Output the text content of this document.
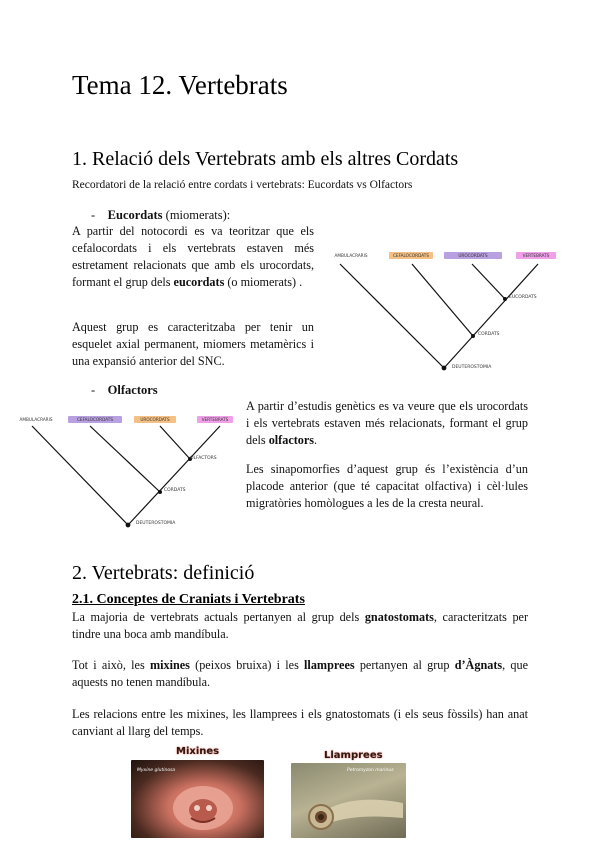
Tema 12. Vertebrats
1. Relació dels Vertebrats amb els altres Cordats

Recordatori de la relació entre cordats i vertebrats: Eucordats vs Olfactors

- Eucordats (miomerats):

A partir del notocordi es va teoritzar que els cefalocordats i els vertebrats estaven més estretament relacionats que amb els urocordats, formant el grup dels eucordats (o miomerats) .

Aquest grup es caracteritzaba per tenir un esquelet axial permanent, miomers metamèrics i una expansió anterior del SNC.

AMBULACRARIS	CEFALOCORDATS	UROCORDATS	VERTEBRATS
EUCORDATS
CORDATS
DEUTEROSTOMIA
- Olfactors
AMBULACRARIS	CEFALOCORDATS	UROCORDATS	VERTEBRATS
OLFACTORS
CORDATS
DEUTEROSTOMIA

A partir d’estudis genètics es va veure que els urocordats i els vertebrats estaven més relacionats, formant el grup dels olfactors.

Les sinapomorfies d’aquest grup és l’existència d’un placode anterior (que té capacitat olfactiva) i cèl·lules migratòries homòlogues a les de la cresta neural.

2. Vertebrats: definició
2.1. Conceptes de Craniats i Vertebrats

La majoria de vertebrats actuals pertanyen al grup dels gnatostomats, caracteritzats per tindre una boca amb mandíbula.

Tot i això, les mixines (peixos bruixa) i les llamprees pertanyen al grup d’Àgnats, que aquests no tenen mandíbula.

Les relacions entre les mixines, les llamprees i els gnatostomats (i els seus fòssils) han anat canviant al llarg del temps.

Myxine glutinosa
Mixines
Petromyzon marinus
Llamprees
